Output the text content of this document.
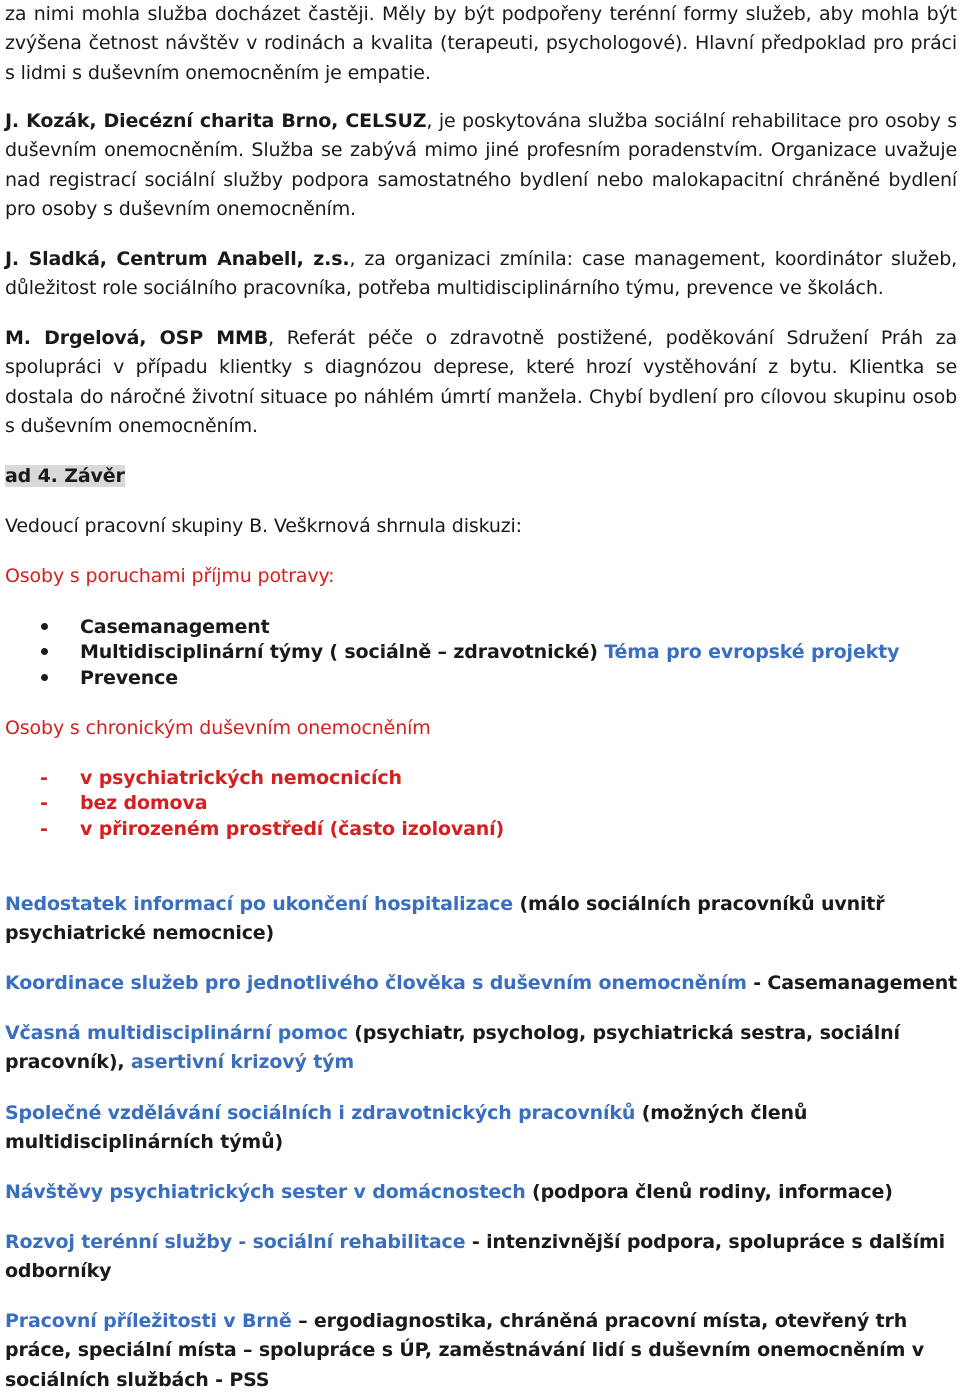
za nimi mohla služba docházet častěji. Měly by být podpořeny terénní formy služeb, aby mohla být zvýšena četnost návštěv v rodinách a kvalita (terapeuti, psychologové). Hlavní předpoklad pro práci s lidmi s duševním onemocněním je empatie.

J. Kozák, Diecézní charita Brno, CELSUZ, je poskytována služba sociální rehabilitace pro osoby s duševním onemocněním. Služba se zabývá mimo jiné profesním poradenstvím. Organizace uvažuje nad registrací sociální služby podpora samostatného bydlení nebo malokapacitní chráněné bydlení pro osoby s duševním onemocněním.

J. Sladká, Centrum Anabell, z.s., za organizaci zmínila: case management, koordinátor služeb, důležitost role sociálního pracovníka, potřeba multidisciplinárního týmu, prevence ve školách.

M. Drgelová, OSP MMB, Referát péče o zdravotně postižené, poděkování Sdružení Práh za spolupráci v případu klientky s diagnózou deprese, které hrozí vystěhování z bytu. Klientka se dostala do náročné životní situace po náhlém úmrtí manžela. Chybí bydlení pro cílovou skupinu osob s duševním onemocněním.

ad 4. Závěr

Vedoucí pracovní skupiny B. Veškrnová shrnula diskuzi:

Osoby s poruchami příjmu potravy:

Casemanagement
Multidisciplinární týmy ( sociálně – zdravotnické) Téma pro evropské projekty
Prevence

Osoby s chronickým duševním onemocněním

-	v psychiatrických nemocnicích
-	bez domova
-	v přirozeném prostředí (často izolovaní)

Nedostatek informací po ukončení hospitalizace (málo sociálních pracovníků uvnitř psychiatrické nemocnice)

Koordinace služeb pro jednotlivého člověka s duševním onemocněním - Casemanagement

Včasná multidisciplinární pomoc (psychiatr, psycholog, psychiatrická sestra, sociální pracovník), asertivní krizový tým

Společné vzdělávání sociálních i zdravotnických pracovníků (možných členů multidisciplinárních týmů)

Návštěvy psychiatrických sester v domácnostech (podpora členů rodiny, informace)

Rozvoj terénní služby - sociální rehabilitace - intenzivnější podpora, spolupráce s dalšími odborníky

Pracovní příležitosti v Brně – ergodiagnostika, chráněná pracovní místa, otevřený trh práce, speciální místa – spolupráce s ÚP, zaměstnávání lidí s duševním onemocněním v sociálních službách - PSS
